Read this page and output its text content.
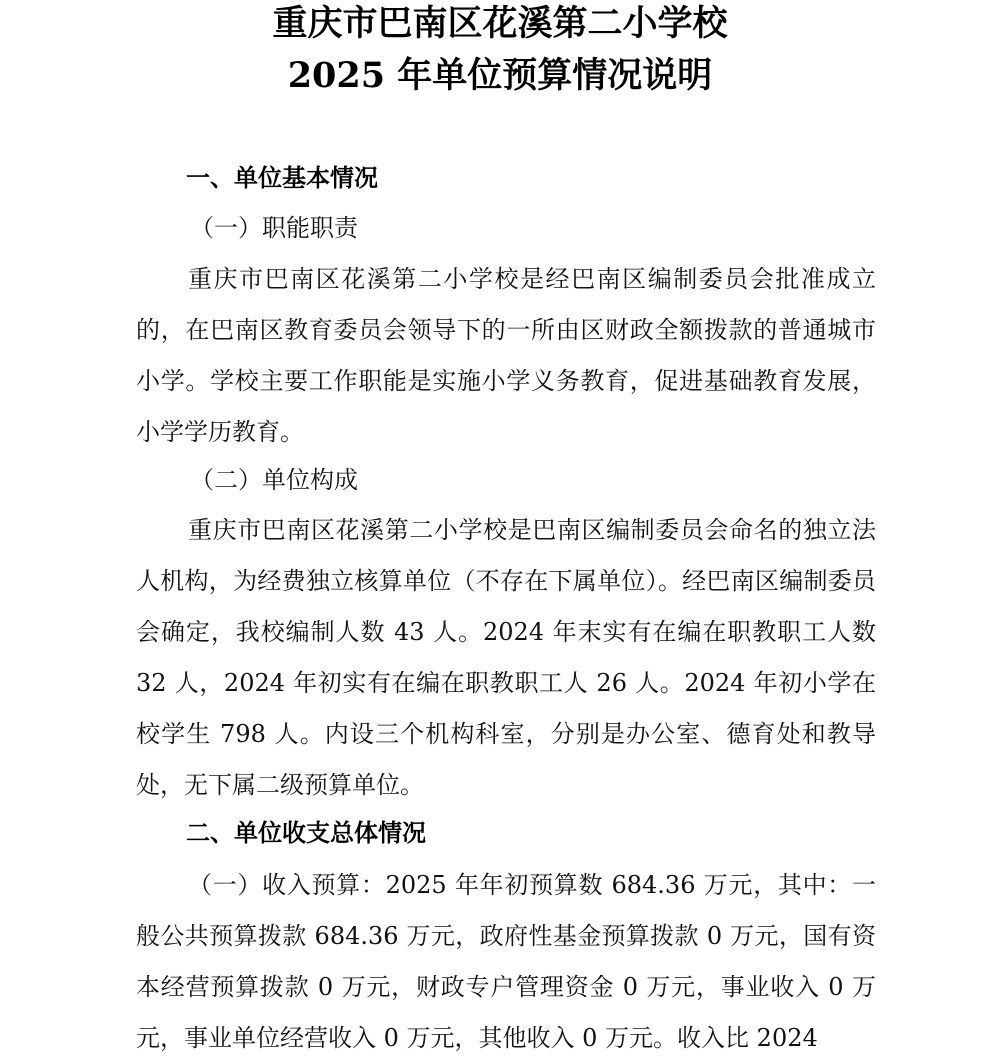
重庆市巴南区花溪第二小学校
2025 年单位预算情况说明
一、单位基本情况
（一）职能职责

重庆市巴南区花溪第二小学校是经巴南区编制委员会批准成立的，在巴南区教育委员会领导下的一所由区财政全额拨款的普通城市小学。学校主要工作职能是实施小学义务教育，促进基础教育发展，小学学历教育。

（二）单位构成

重庆市巴南区花溪第二小学校是巴南区编制委员会命名的独立法人机构，为经费独立核算单位（不存在下属单位）。经巴南区编制委员会确定，我校编制人数 43 人。2024 年末实有在编在职教职工人数 32 人，2024 年初实有在编在职教职工人 26 人。2024 年初小学在校学生 798 人。内设三个机构科室，分别是办公室、德育处和教导处，无下属二级预算单位。

二、单位收支总体情况

（一）收入预算：2025 年年初预算数 684.36 万元，其中：一般公共预算拨款 684.36 万元，政府性基金预算拨款 0 万元，国有资本经营预算拨款 0 万元，财政专户管理资金 0 万元，事业收入 0 万元，事业单位经营收入 0 万元，其他收入 0 万元。收入比 2024
